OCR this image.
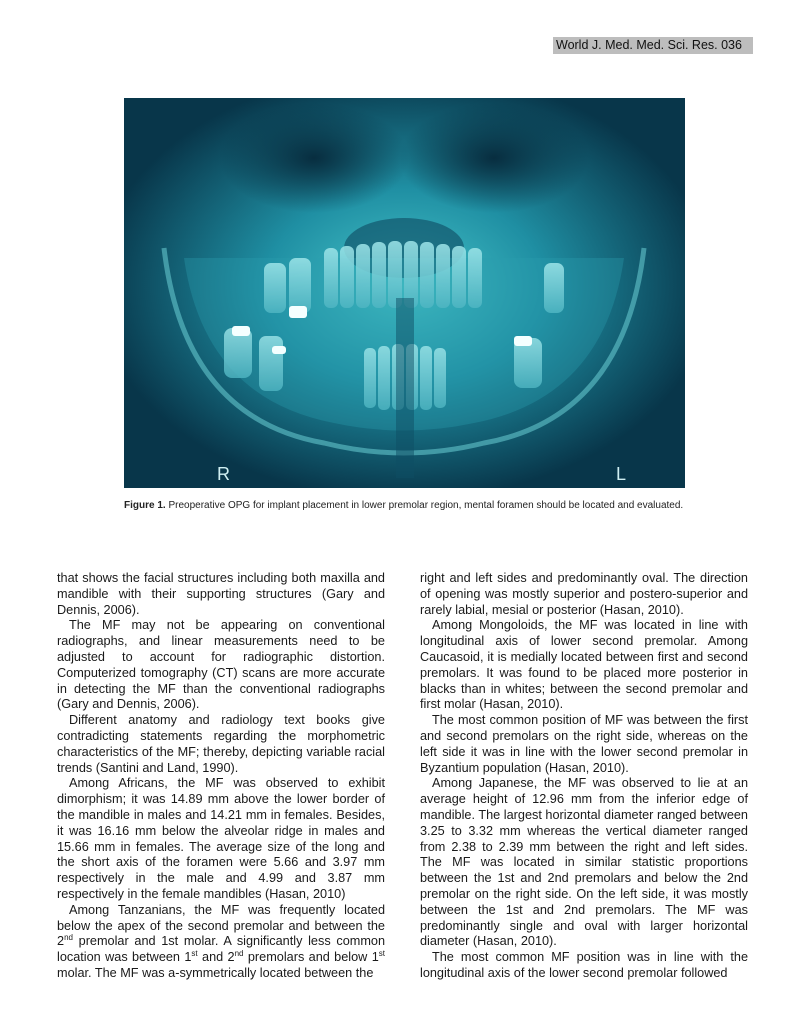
World J. Med. Med. Sci. Res. 036
R	L
Figure 1. Preoperative OPG for implant placement in lower premolar region, mental foramen should be located and evaluated.

that shows the facial structures including both maxilla and mandible with their supporting structures (Gary and Dennis, 2006).

The MF may not be appearing on conventional radiographs, and linear measurements need to be adjusted to account for radiographic distortion. Computerized tomography (CT) scans are more accurate in detecting the MF than the conventional radiographs (Gary and Dennis, 2006).

Different anatomy and radiology text books give contradicting statements regarding the morphometric characteristics of the MF; thereby, depicting variable racial trends (Santini and Land, 1990).

Among Africans, the MF was observed to exhibit dimorphism; it was 14.89 mm above the lower border of the mandible in males and 14.21 mm in females. Besides, it was 16.16 mm below the alveolar ridge in males and 15.66 mm in females. The average size of the long and the short axis of the foramen were 5.66 and 3.97 mm respectively in the male and 4.99 and 3.87 mm respectively in the female mandibles (Hasan, 2010)

Among Tanzanians, the MF was frequently located below the apex of the second premolar and between the 2nd premolar and 1st molar. A significantly less common location was between 1st and 2nd premolars and below 1st molar. The MF was a-symmetrically located between the

right and left sides and predominantly oval. The direction of opening was mostly superior and postero-superior and rarely labial, mesial or posterior (Hasan, 2010).

Among Mongoloids, the MF was located in line with longitudinal axis of lower second premolar. Among Caucasoid, it is medially located between first and second premolars. It was found to be placed more posterior in blacks than in whites; between the second premolar and first molar (Hasan, 2010).

The most common position of MF was between the first and second premolars on the right side, whereas on the left side it was in line with the lower second premolar in Byzantium population (Hasan, 2010).

Among Japanese, the MF was observed to lie at an average height of 12.96 mm from the inferior edge of mandible. The largest horizontal diameter ranged between 3.25 to 3.32 mm whereas the vertical diameter ranged from 2.38 to 2.39 mm between the right and left sides. The MF was located in similar statistic proportions between the 1st and 2nd premolars and below the 2nd premolar on the right side. On the left side, it was mostly between the 1st and 2nd premolars. The MF was predominantly single and oval with larger horizontal diameter (Hasan, 2010).

The most common MF position was in line with the longitudinal axis of the lower second premolar followed
